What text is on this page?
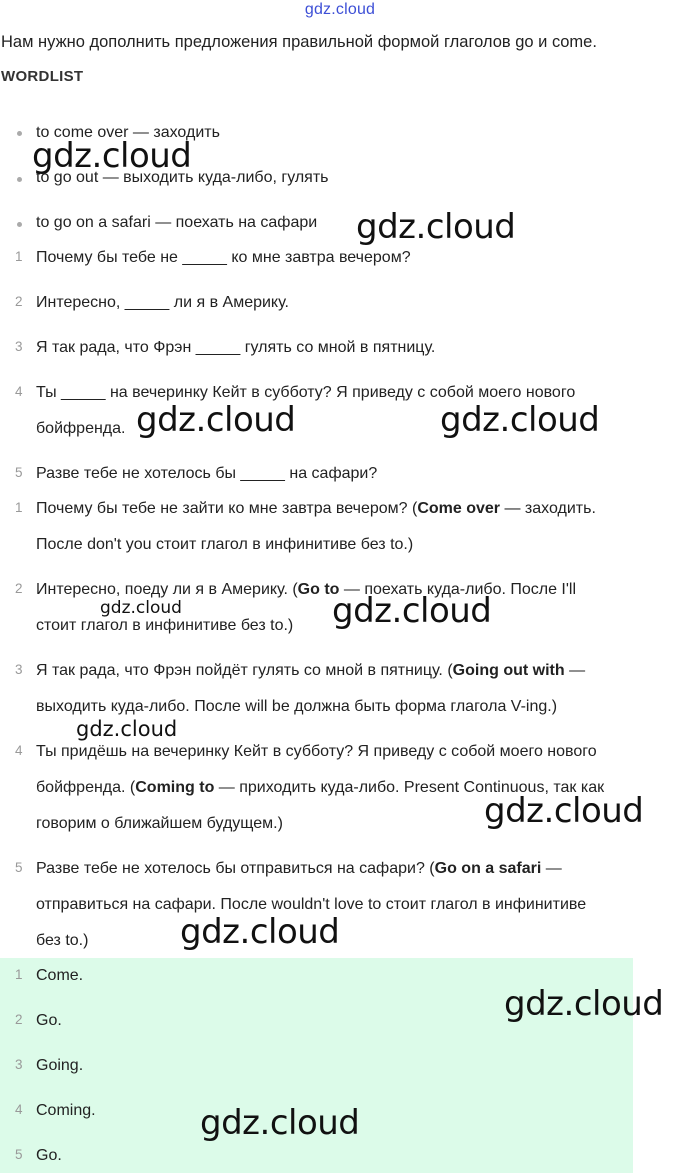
gdz.cloud
Нам нужно дополнить предложения правильной формой глаголов go и come.
WORDLIST
to come over — заходить
to go out — выходить куда-либо, гулять
to go on a safari — поехать на сафари
1 Почему бы тебе не _____ ко мне завтра вечером?
2 Интересно, _____ ли я в Америку.
3 Я так рада, что Фрэн _____ гулять со мной в пятницу.
4 Ты _____ на вечеринку Кейт в субботу? Я приведу с собой моего нового
бойфренда.
5 Разве тебе не хотелось бы _____ на сафари?
1 Почему бы тебе не зайти ко мне завтра вечером? (Come over — заходить.
После don't you стоит глагол в инфинитиве без to.)
2 Интересно, поеду ли я в Америку. (Go to — поехать куда-либо. После I'll
стоит глагол в инфинитиве без to.)
3 Я так рада, что Фрэн пойдёт гулять со мной в пятницу. (Going out with —
выходить куда-либо. После will be должна быть форма глагола V-ing.)
4 Ты придёшь на вечеринку Кейт в субботу? Я приведу с собой моего нового
бойфренда. (Coming to — приходить куда-либо. Present Continuous, так как
говорим о ближайшем будущем.)
5 Разве тебе не хотелось бы отправиться на сафари? (Go on a safari —
отправиться на сафари. После wouldn't love to стоит глагол в инфинитиве
без to.)
1 Come.
2 Go.
3 Going.
4 Coming.
5 Go.
gdz.cloud
gdz.cloud
gdz.cloud	gdz.cloud
gdz.cloud	gdz.cloud
gdz.cloud
gdz.cloud
gdz.cloud
gdz.cloud
gdz.cloud
